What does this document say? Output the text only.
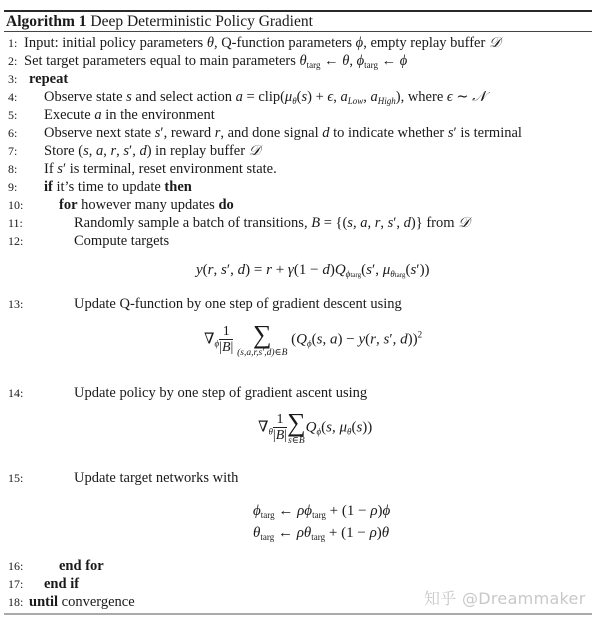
Algorithm 1 Deep Deterministic Policy Gradient
1: Input: initial policy parameters θ, Q-function parameters ϕ, empty replay buffer 𝒟
2: Set target parameters equal to main parameters $\theta_{targ}$ ← θ, $\phi_{targ}$ ← ϕ
3: repeat
4:	Observe state s and select action $a = clip(\mu_\theta(s) + \epsilon$, $a_{Low}$, $a_{High}$), where ϵ ∼ 𝒩
5:	Execute a in the environment
6:	Observe next state s′, reward r, and done signal d to indicate whether s′ is terminal
7:	Store (s, a, r, s′, d) in replay buffer 𝒟
8:	If s′ is terminal, reset environment state.
9:	if it’s time to update then
10:	for however many updates do
11:	Randomly sample a batch of transitions, B = {(s, a, r, s′, d)} from 𝒟
12:	Compute targets
y(r, s′, $d) = r + \gamma(1 - d)Q_{\phi targ}(s'$, $\mu_{\theta targ}(s')$)
13:	Update Q-function by one step of gradient descent using
$\nabla_\phi \frac{1}{|B|}$
∑
(s,a,r,s′,d)∈B
($Q_\phi(s$, a) − y(r, s′, d))$^2$
14:	Update policy by one step of gradient ascent using
$\nabla_\theta \frac{1}{|B|}$ ∑
s∈B
$Q_\phi(s$, $\mu_\theta(s)$)
15:	Update target networks with
$\phi_{targ}$ ← $\rho\phi_{targ} + (1 - \rho)\phi$
$\theta_{targ}$ ← $\rho\theta_{targ} + (1 - \rho)\theta$
16:	end for
17:	end if
18: until convergence	知乎 @Dreammaker
